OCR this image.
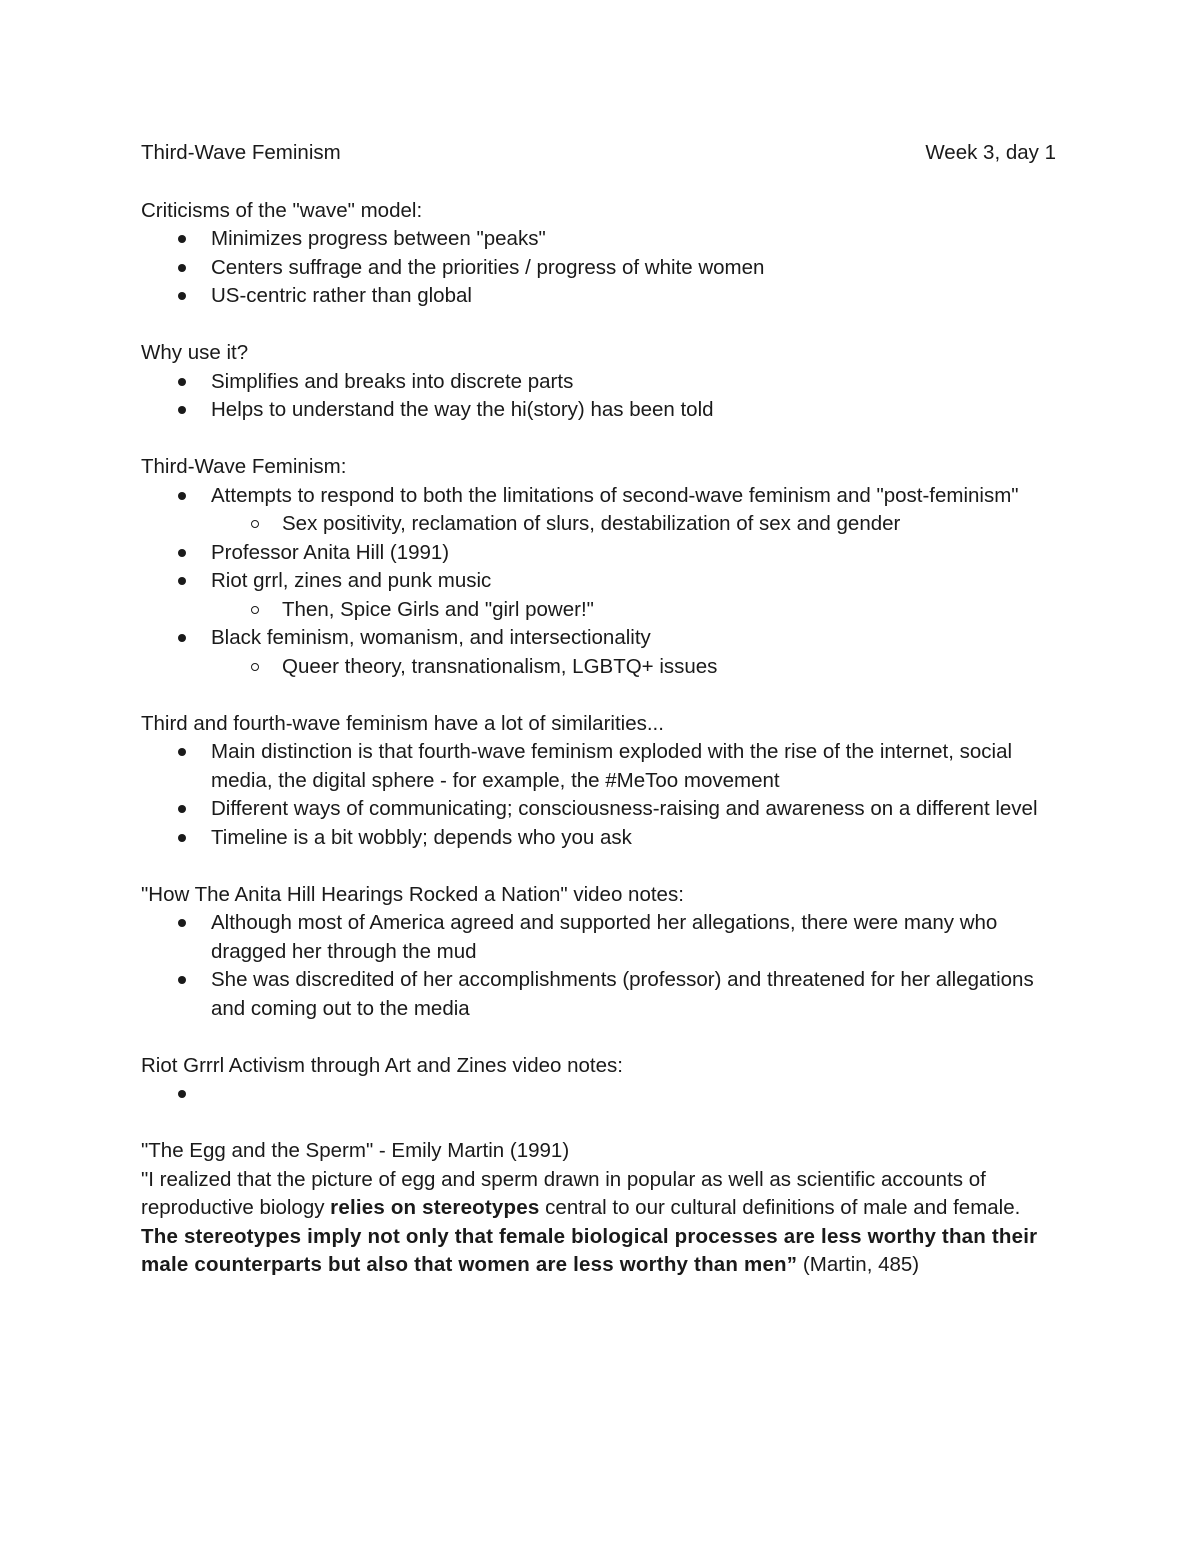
Third-Wave Feminism	Week 3, day 1
Criticisms of the "wave" model:
Minimizes progress between "peaks"
Centers suffrage and the priorities / progress of white women
US-centric rather than global
Why use it?
Simplifies and breaks into discrete parts
Helps to understand the way the hi(story) has been told
Third-Wave Feminism:
Attempts to respond to both the limitations of second-wave feminism and "post-feminism"
Sex positivity, reclamation of slurs, destabilization of sex and gender
Professor Anita Hill (1991)
Riot grrl, zines and punk music
Then, Spice Girls and "girl power!"
Black feminism, womanism, and intersectionality
Queer theory, transnationalism, LGBTQ+ issues
Third and fourth-wave feminism have a lot of similarities...
Main distinction is that fourth-wave feminism exploded with the rise of the internet, social media, the digital sphere - for example, the #MeToo movement
Different ways of communicating; consciousness-raising and awareness on a different level
Timeline is a bit wobbly; depends who you ask
"How The Anita Hill Hearings Rocked a Nation" video notes:
Although most of America agreed and supported her allegations, there were many who dragged her through the mud
She was discredited of her accomplishments (professor) and threatened for her allegations and coming out to the media
Riot Grrrl Activism through Art and Zines video notes:
"The Egg and the Sperm" - Emily Martin (1991)
"I realized that the picture of egg and sperm drawn in popular as well as scientific accounts of reproductive biology relies on stereotypes central to our cultural definitions of male and female. The stereotypes imply not only that female biological processes are less worthy than their male counterparts but also that women are less worthy than men” (Martin, 485)
